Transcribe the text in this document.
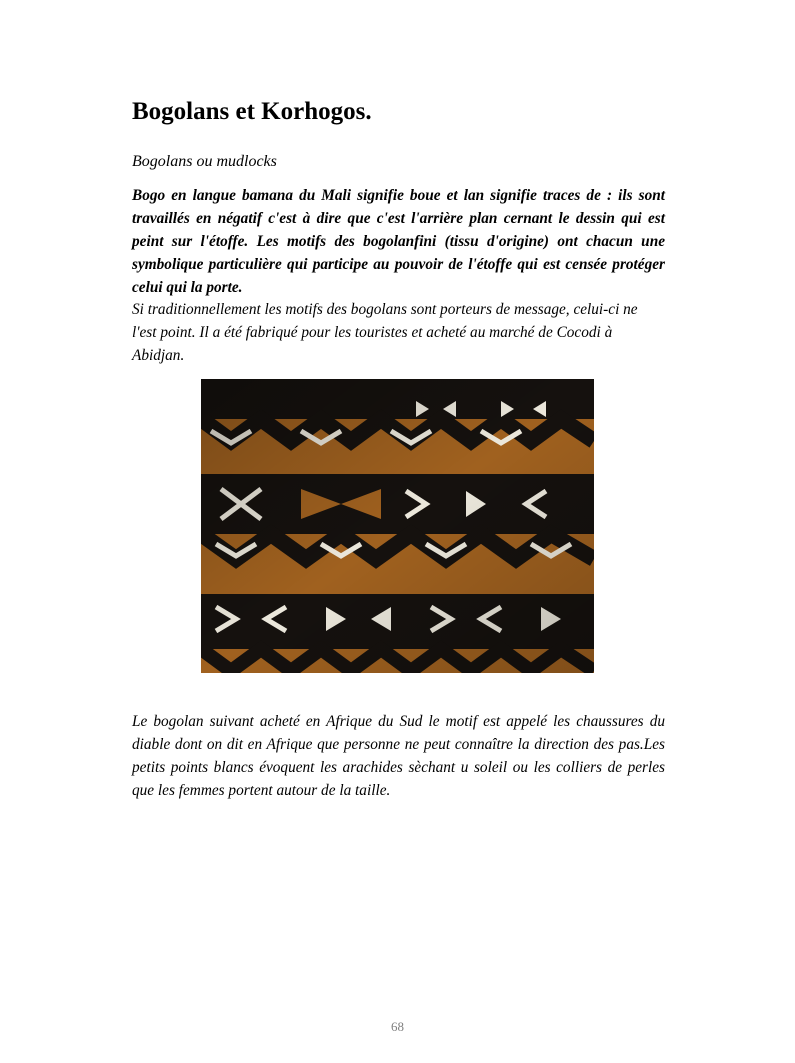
Bogolans et Korhogos.

Bogolans ou mudlocks

Bogo en langue bamana du Mali signifie boue et lan signifie traces de : ils sont travaillés en négatif c'est à dire que c'est l'arrière plan cernant le dessin qui est peint sur l'étoffe. Les motifs des bogolanfini (tissu d'origine) ont chacun une symbolique particulière qui participe au pouvoir de l'étoffe qui est censée protéger celui qui la porte.

Si traditionnellement les motifs des bogolans sont porteurs de message, celui-ci ne l'est point. Il a été fabriqué pour les touristes et acheté au marché de Cocodi à Abidjan.

Le bogolan suivant acheté en Afrique du Sud le motif est appelé les chaussures du diable dont on dit en Afrique que personne ne peut connaître la direction des pas.Les petits points blancs évoquent les arachides sèchant u soleil ou les colliers de perles que les femmes portent autour de la taille.

68
